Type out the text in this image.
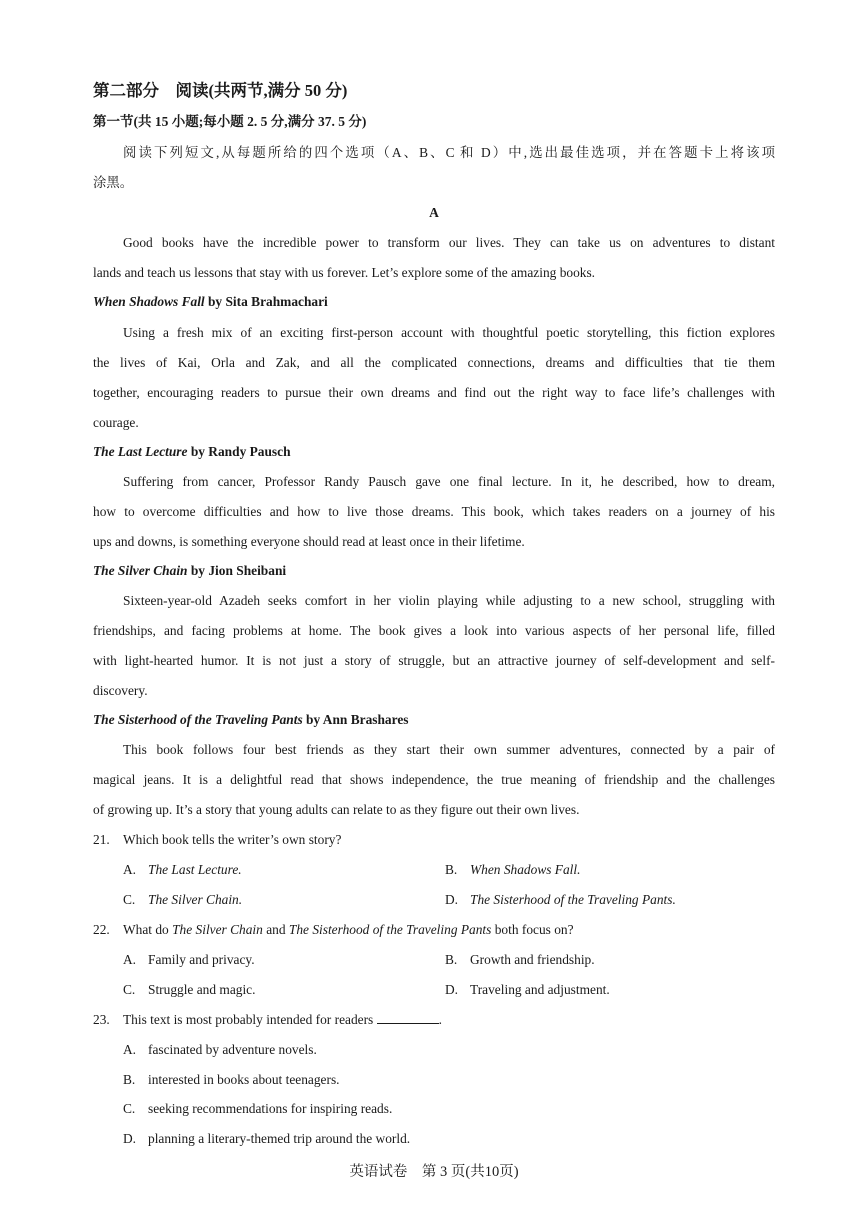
第二部分　阅读(共两节,满分 50 分)
第一节(共 15 小题;每小题 2. 5 分,满分 37. 5 分)
阅读下列短文,从每题所给的四个选项（A、B、C 和 D）中,选出最佳选项，并在答题卡上将该项
涂黑。
A
Good books have the incredible power to transform our lives. They can take us on adventures to distant
lands and teach us lessons that stay with us forever. Let’s explore some of the amazing books.
When Shadows Fall by Sita Brahmachari
Using a fresh mix of an exciting first-person account with thoughtful poetic storytelling, this fiction explores
the lives of Kai, Orla and Zak, and all the complicated connections, dreams and difficulties that tie them
together, encouraging readers to pursue their own dreams and find out the right way to face life’s challenges with
courage.
The Last Lecture by Randy Pausch
Suffering from cancer, Professor Randy Pausch gave one final lecture. In it, he described, how to dream,
how to overcome difficulties and how to live those dreams. This book, which takes readers on a journey of his
ups and downs, is something everyone should read at least once in their lifetime.
The Silver Chain by Jion Sheibani
Sixteen-year-old Azadeh seeks comfort in her violin playing while adjusting to a new school, struggling with
friendships, and facing problems at home. The book gives a look into various aspects of her personal life, filled
with light-hearted humor. It is not just a story of struggle, but an attractive journey of self-development and self-
discovery.
The Sisterhood of the Traveling Pants by Ann Brashares
This book follows four best friends as they start their own summer adventures, connected by a pair of
magical jeans. It is a delightful read that shows independence, the true meaning of friendship and the challenges
of growing up. It’s a story that young adults can relate to as they figure out their own lives.
21. Which book tells the writer’s own story?
A. The Last Lecture.	B. When Shadows Fall.
C. The Silver Chain.	D. The Sisterhood of the Traveling Pants.
22. What do The Silver Chain and The Sisterhood of the Traveling Pants both focus on?
A. Family and privacy.	B. Growth and friendship.
C. Struggle and magic.	D. Traveling and adjustment.
23. This text is most probably intended for readers	.
A. fascinated by adventure novels.
B. interested in books about teenagers.
C. seeking recommendations for inspiring reads.
D. planning a literary-themed trip around the world.
英语试卷　第 3 页(共10页)
